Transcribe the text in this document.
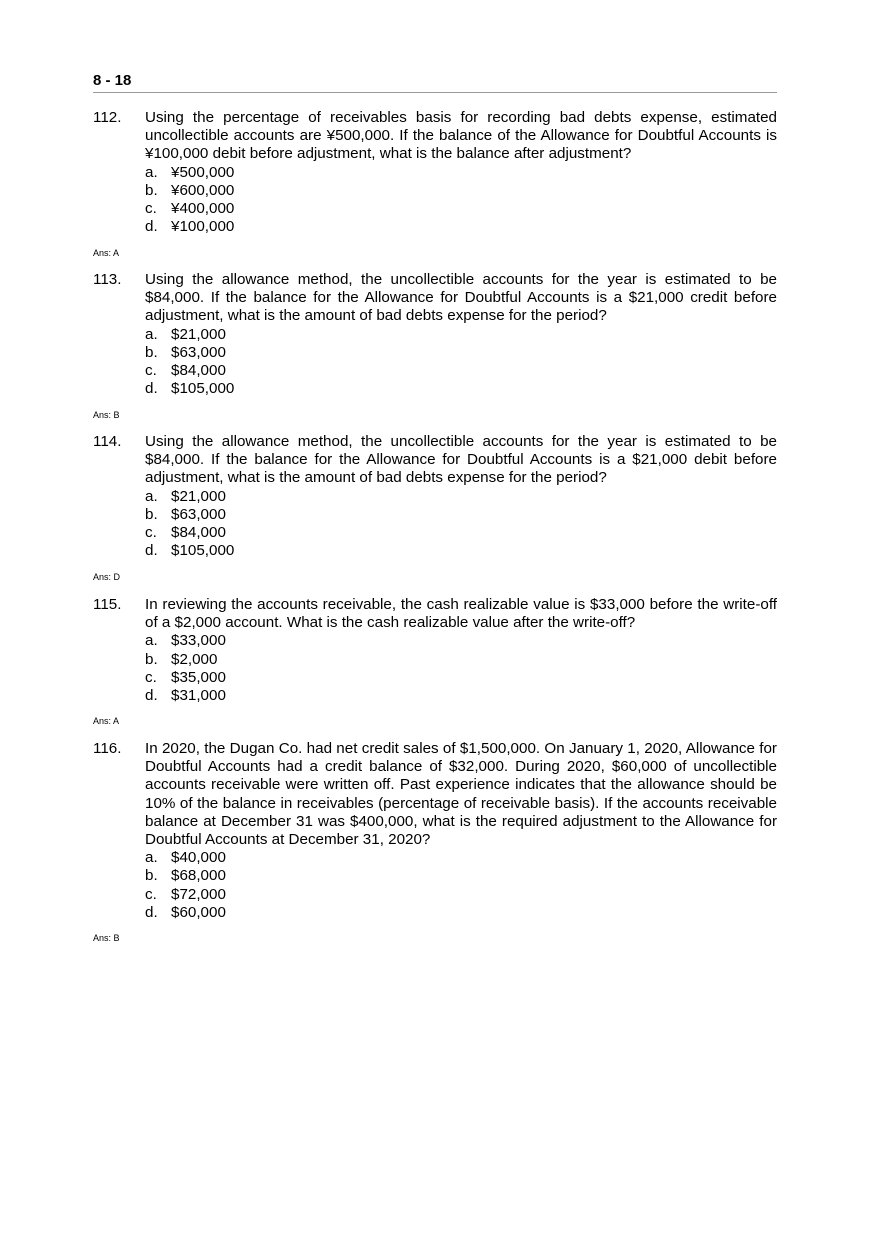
8 - 18
112. Using the percentage of receivables basis for recording bad debts expense, estimated uncollectible accounts are ¥500,000. If the balance of the Allowance for Doubtful Accounts is ¥100,000 debit before adjustment, what is the balance after adjustment?
a. ¥500,000
b. ¥600,000
c. ¥400,000
d. ¥100,000
Ans: A
113. Using the allowance method, the uncollectible accounts for the year is estimated to be $84,000. If the balance for the Allowance for Doubtful Accounts is a $21,000 credit before adjustment, what is the amount of bad debts expense for the period?
a. $21,000
b. $63,000
c. $84,000
d. $105,000
Ans: B
114. Using the allowance method, the uncollectible accounts for the year is estimated to be $84,000. If the balance for the Allowance for Doubtful Accounts is a $21,000 debit before adjustment, what is the amount of bad debts expense for the period?
a. $21,000
b. $63,000
c. $84,000
d. $105,000
Ans: D
115. In reviewing the accounts receivable, the cash realizable value is $33,000 before the write-off of a $2,000 account. What is the cash realizable value after the write-off?
a. $33,000
b. $2,000
c. $35,000
d. $31,000
Ans: A
116. In 2020, the Dugan Co. had net credit sales of $1,500,000. On January 1, 2020, Allowance for Doubtful Accounts had a credit balance of $32,000. During 2020, $60,000 of uncollectible accounts receivable were written off. Past experience indicates that the allowance should be 10% of the balance in receivables (percentage of receivable basis). If the accounts receivable balance at December 31 was $400,000, what is the required adjustment to the Allowance for Doubtful Accounts at December 31, 2020?
a. $40,000
b. $68,000
c. $72,000
d. $60,000
Ans: B
